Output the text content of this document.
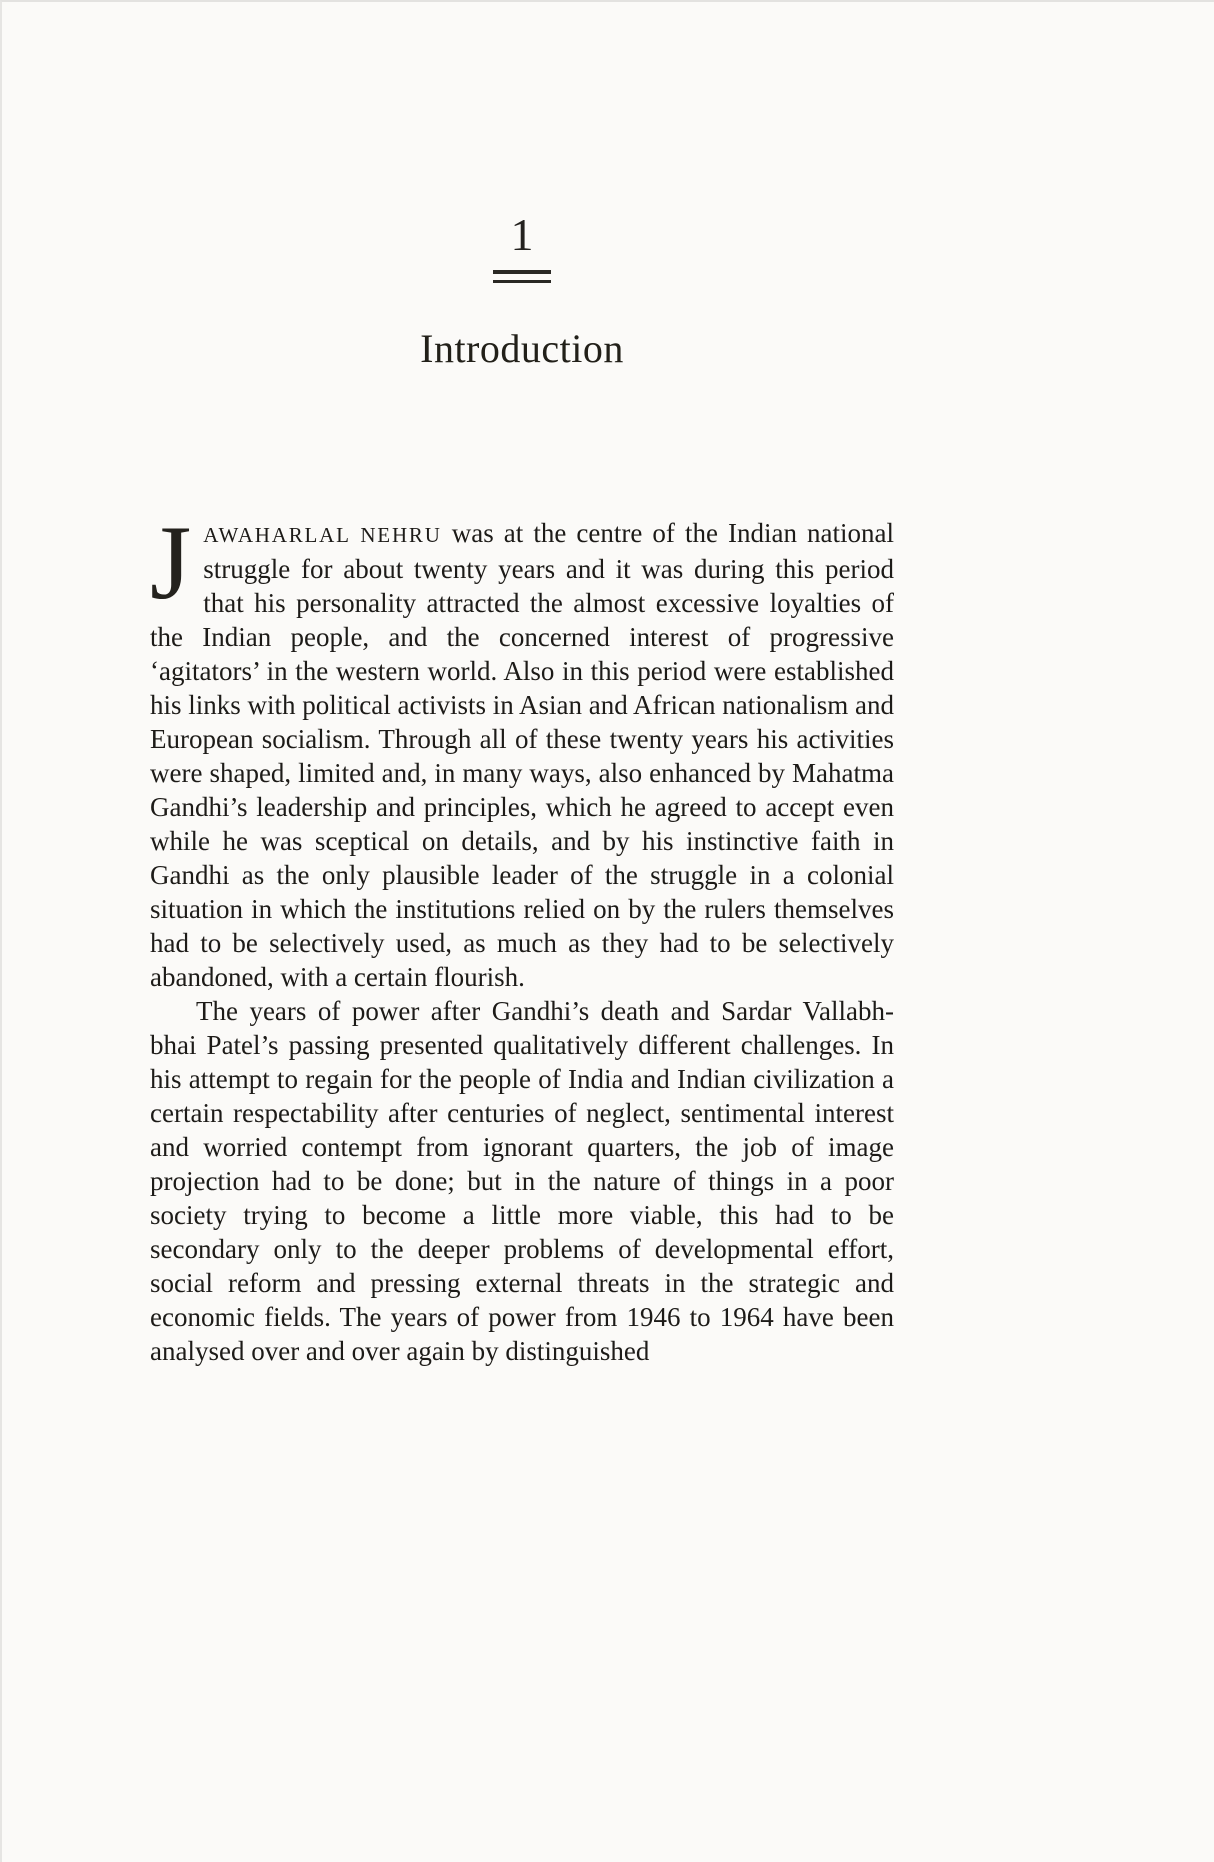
1
Introduction

JAWAHARLAL NEHRU was at the centre of the Indian national struggle for about twenty years and it was during this period that his personality attracted the almost excessive loyalties of the Indian people, and the concerned interest of progressive ‘agitators’ in the western world. Also in this period were established his links with political activists in Asian and African nationalism and European socialism. Through all of these twenty years his activities were shaped, limited and, in many ways, also enhanced by Mahatma Gandhi’s leadership and principles, which he agreed to accept even while he was sceptical on details, and by his instinctive faith in Gandhi as the only plausible leader of the struggle in a colonial situation in which the institutions relied on by the rulers themselves had to be selectively used, as much as they had to be selectively abandoned, with a certain flourish.

The years of power after Gandhi’s death and Sardar Vallabh-bhai Patel’s passing presented qualitatively different challenges. In his attempt to regain for the people of India and Indian civilization a certain respectability after centuries of neglect, sentimental interest and worried contempt from ignorant quarters, the job of image projection had to be done; but in the nature of things in a poor society trying to become a little more viable, this had to be secondary only to the deeper problems of developmental effort, social reform and pressing external threats in the strategic and economic fields. The years of power from 1946 to 1964 have been analysed over and over again by distinguished
